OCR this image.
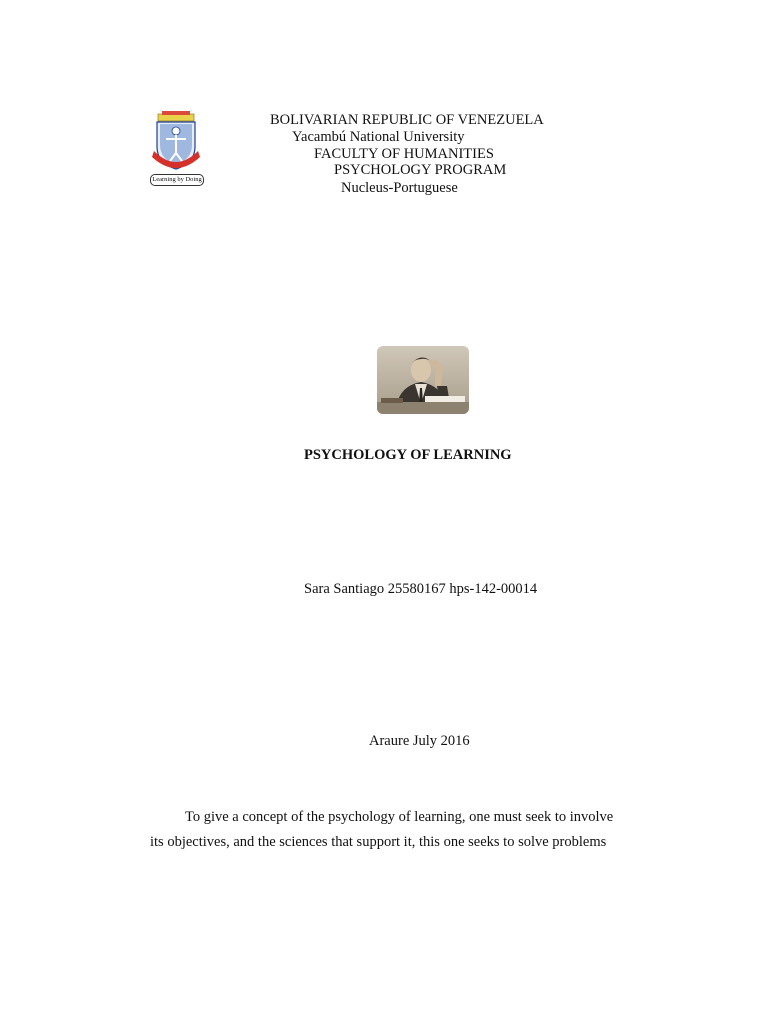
Learning by Doing
BOLIVARIAN REPUBLIC OF VENEZUELA
Yacambú National University
FACULTY OF HUMANITIES
PSYCHOLOGY PROGRAM
Nucleus-Portuguese
PSYCHOLOGY OF LEARNING
Sara Santiago 25580167 hps-142-00014
Araure July 2016
To give a concept of the psychology of learning, one must seek to involve
its objectives, and the sciences that support it, this one seeks to solve problems
